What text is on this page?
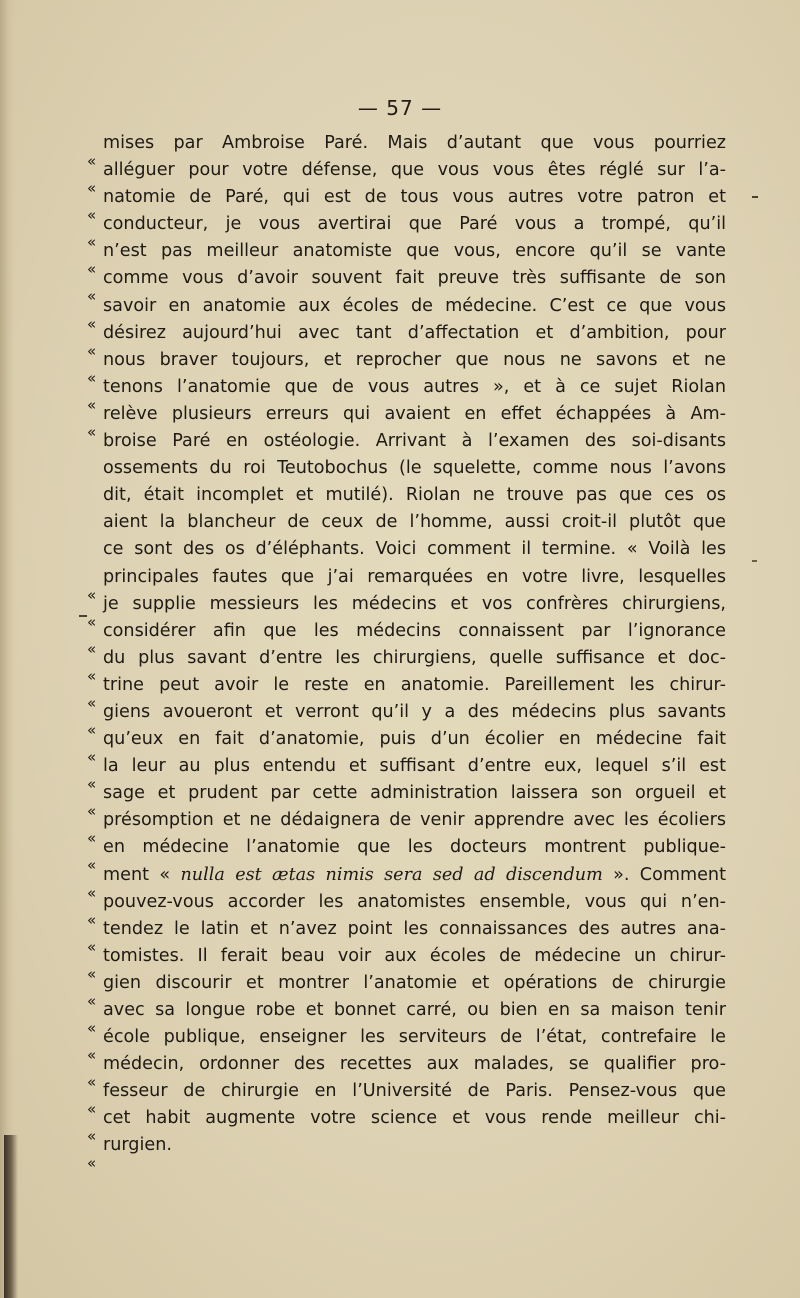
— 57 —
«
mises par Ambroise Paré. Mais d’autant que vous pourriez
«
alléguer pour votre défense, que vous vous êtes réglé sur l’a-
«
natomie de Paré, qui est de tous vous autres votre patron et
«
conducteur, je vous avertirai que Paré vous a trompé, qu’il
«
n’est pas meilleur anatomiste que vous, encore qu’il se vante
«
comme vous d’avoir souvent fait preuve très suffisante de son
«
savoir en anatomie aux écoles de médecine. C’est ce que vous
«
désirez aujourd’hui avec tant d’affectation et d’ambition, pour
«
nous braver toujours, et reprocher que nous ne savons et ne
«
tenons l’anatomie que de vous autres », et à ce sujet Riolan
«
relève plusieurs erreurs qui avaient en effet échappées à Am-
broise Paré en ostéologie. Arrivant à l’examen des soi-disants
ossements du roi Teutobochus (le squelette, comme nous l’avons
dit, était incomplet et mutilé). Riolan ne trouve pas que ces os
aient la blancheur de ceux de l’homme, aussi croit-il plutôt que
ce sont des os d’éléphants. Voici comment il termine. « Voilà les
«
principales fautes que j’ai remarquées en votre livre, lesquelles
«
je supplie messieurs les médecins et vos confrères chirurgiens,
«
considérer afin que les médecins connaissent par l’ignorance
«
du plus savant d’entre les chirurgiens, quelle suffisance et doc-
«
trine peut avoir le reste en anatomie. Pareillement les chirur-
«
giens avoueront et verront qu’il y a des médecins plus savants
«
qu’eux en fait d’anatomie, puis d’un écolier en médecine fait
«
la leur au plus entendu et suffisant d’entre eux, lequel s’il est
«
sage et prudent par cette administration laissera son orgueil et
«
présomption et ne dédaignera de venir apprendre avec les écoliers
«
en médecine l’anatomie que les docteurs montrent publique-
«
ment « nulla est ætas nimis sera sed ad discendum ». Comment
«
pouvez-vous accorder les anatomistes ensemble, vous qui n’en-
«
tendez le latin et n’avez point les connaissances des autres ana-
«
tomistes. Il ferait beau voir aux écoles de médecine un chirur-
«
gien discourir et montrer l’anatomie et opérations de chirurgie
«
avec sa longue robe et bonnet carré, ou bien en sa maison tenir
«
école publique, enseigner les serviteurs de l’état, contrefaire le
«
médecin, ordonner des recettes aux malades, se qualifier pro-
«
fesseur de chirurgie en l’Université de Paris. Pensez-vous que
«
cet habit augmente votre science et vous rende meilleur chi-
«
rurgien.
